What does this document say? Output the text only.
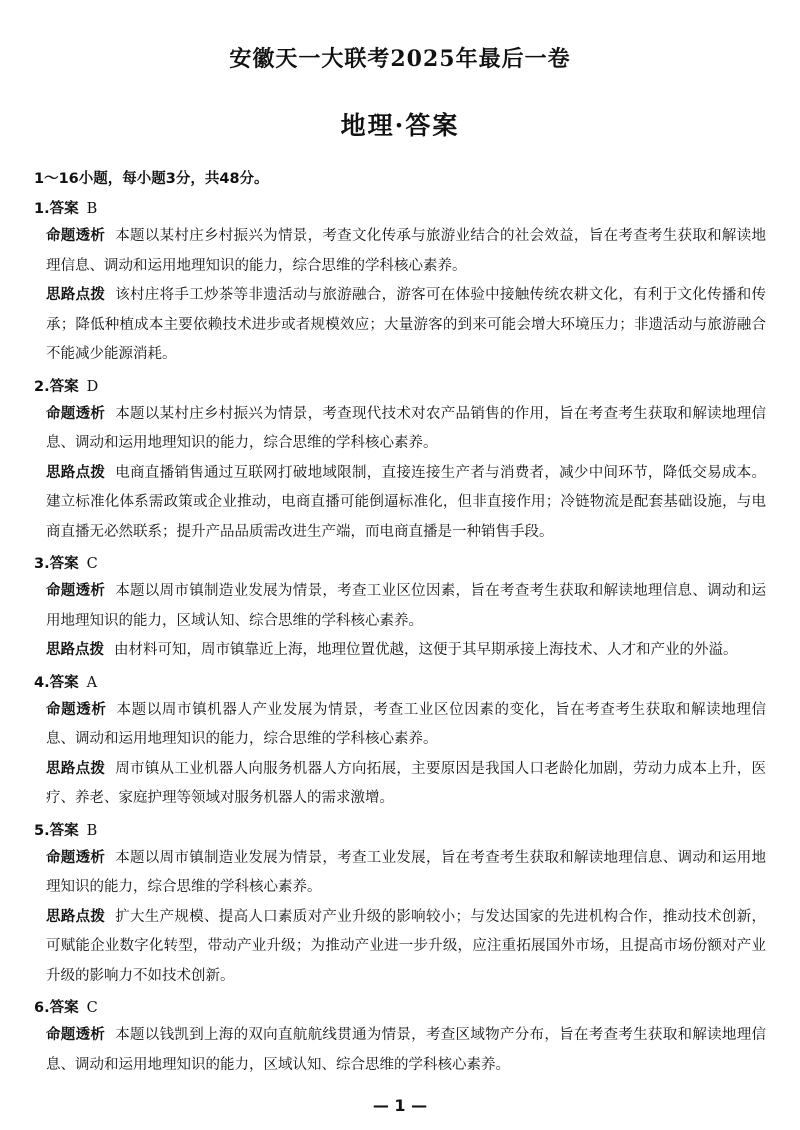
安徽天一大联考2025年最后一卷
地理·答案
1～16小题，每小题3分，共48分。
1.答案 B
命题透析 本题以某村庄乡村振兴为情景，考查文化传承与旅游业结合的社会效益，旨在考查考生获取和解读地理信息、调动和运用地理知识的能力，综合思维的学科核心素养。
思路点拨 该村庄将手工炒茶等非遗活动与旅游融合，游客可在体验中接触传统农耕文化，有利于文化传播和传承；降低种植成本主要依赖技术进步或者规模效应；大量游客的到来可能会增大环境压力；非遗活动与旅游融合不能减少能源消耗。
2.答案 D
命题透析 本题以某村庄乡村振兴为情景，考查现代技术对农产品销售的作用，旨在考查考生获取和解读地理信息、调动和运用地理知识的能力，综合思维的学科核心素养。
思路点拨 电商直播销售通过互联网打破地域限制，直接连接生产者与消费者，减少中间环节，降低交易成本。建立标准化体系需政策或企业推动，电商直播可能倒逼标准化，但非直接作用；冷链物流是配套基础设施，与电商直播无必然联系；提升产品品质需改进生产端，而电商直播是一种销售手段。
3.答案 C
命题透析 本题以周市镇制造业发展为情景，考查工业区位因素，旨在考查考生获取和解读地理信息、调动和运用地理知识的能力，区域认知、综合思维的学科核心素养。
思路点拨 由材料可知，周市镇靠近上海，地理位置优越，这便于其早期承接上海技术、人才和产业的外溢。
4.答案 A
命题透析 本题以周市镇机器人产业发展为情景，考查工业区位因素的变化，旨在考查考生获取和解读地理信息、调动和运用地理知识的能力，综合思维的学科核心素养。
思路点拨 周市镇从工业机器人向服务机器人方向拓展，主要原因是我国人口老龄化加剧，劳动力成本上升，医疗、养老、家庭护理等领域对服务机器人的需求激增。
5.答案 B
命题透析 本题以周市镇制造业发展为情景，考查工业发展，旨在考查考生获取和解读地理信息、调动和运用地理知识的能力，综合思维的学科核心素养。
思路点拨 扩大生产规模、提高人口素质对产业升级的影响较小；与发达国家的先进机构合作，推动技术创新，可赋能企业数字化转型，带动产业升级；为推动产业进一步升级，应注重拓展国外市场，且提高市场份额对产业升级的影响力不如技术创新。
6.答案 C
命题透析 本题以钱凯到上海的双向直航航线贯通为情景，考查区域物产分布，旨在考查考生获取和解读地理信息、调动和运用地理知识的能力，区域认知、综合思维的学科核心素养。
— 1 —
